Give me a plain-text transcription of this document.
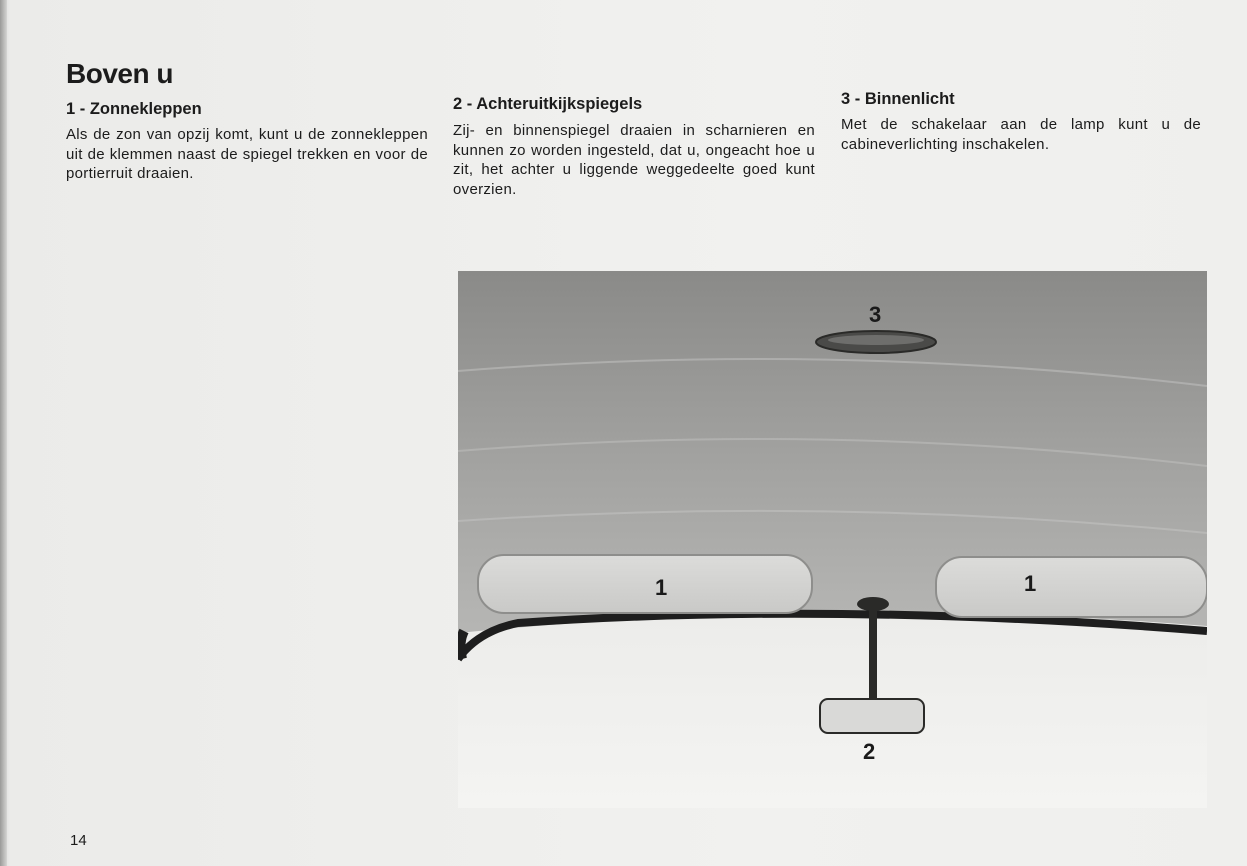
Boven u
1 - Zonnekleppen

Als de zon van opzij komt, kunt u de zonnekleppen uit de klemmen naast de spiegel trekken en voor de portierruit draaien.

2 - Achteruitkijkspiegels

Zij- en binnenspiegel draaien in scharnieren en kunnen zo worden ingesteld, dat u, ongeacht hoe u zit, het achter u liggende weggedeelte goed kunt overzien.

3 - Binnenlicht

Met de schakelaar aan de lamp kunt u de cabineverlichting inschakelen.

1	1
3
2
14
